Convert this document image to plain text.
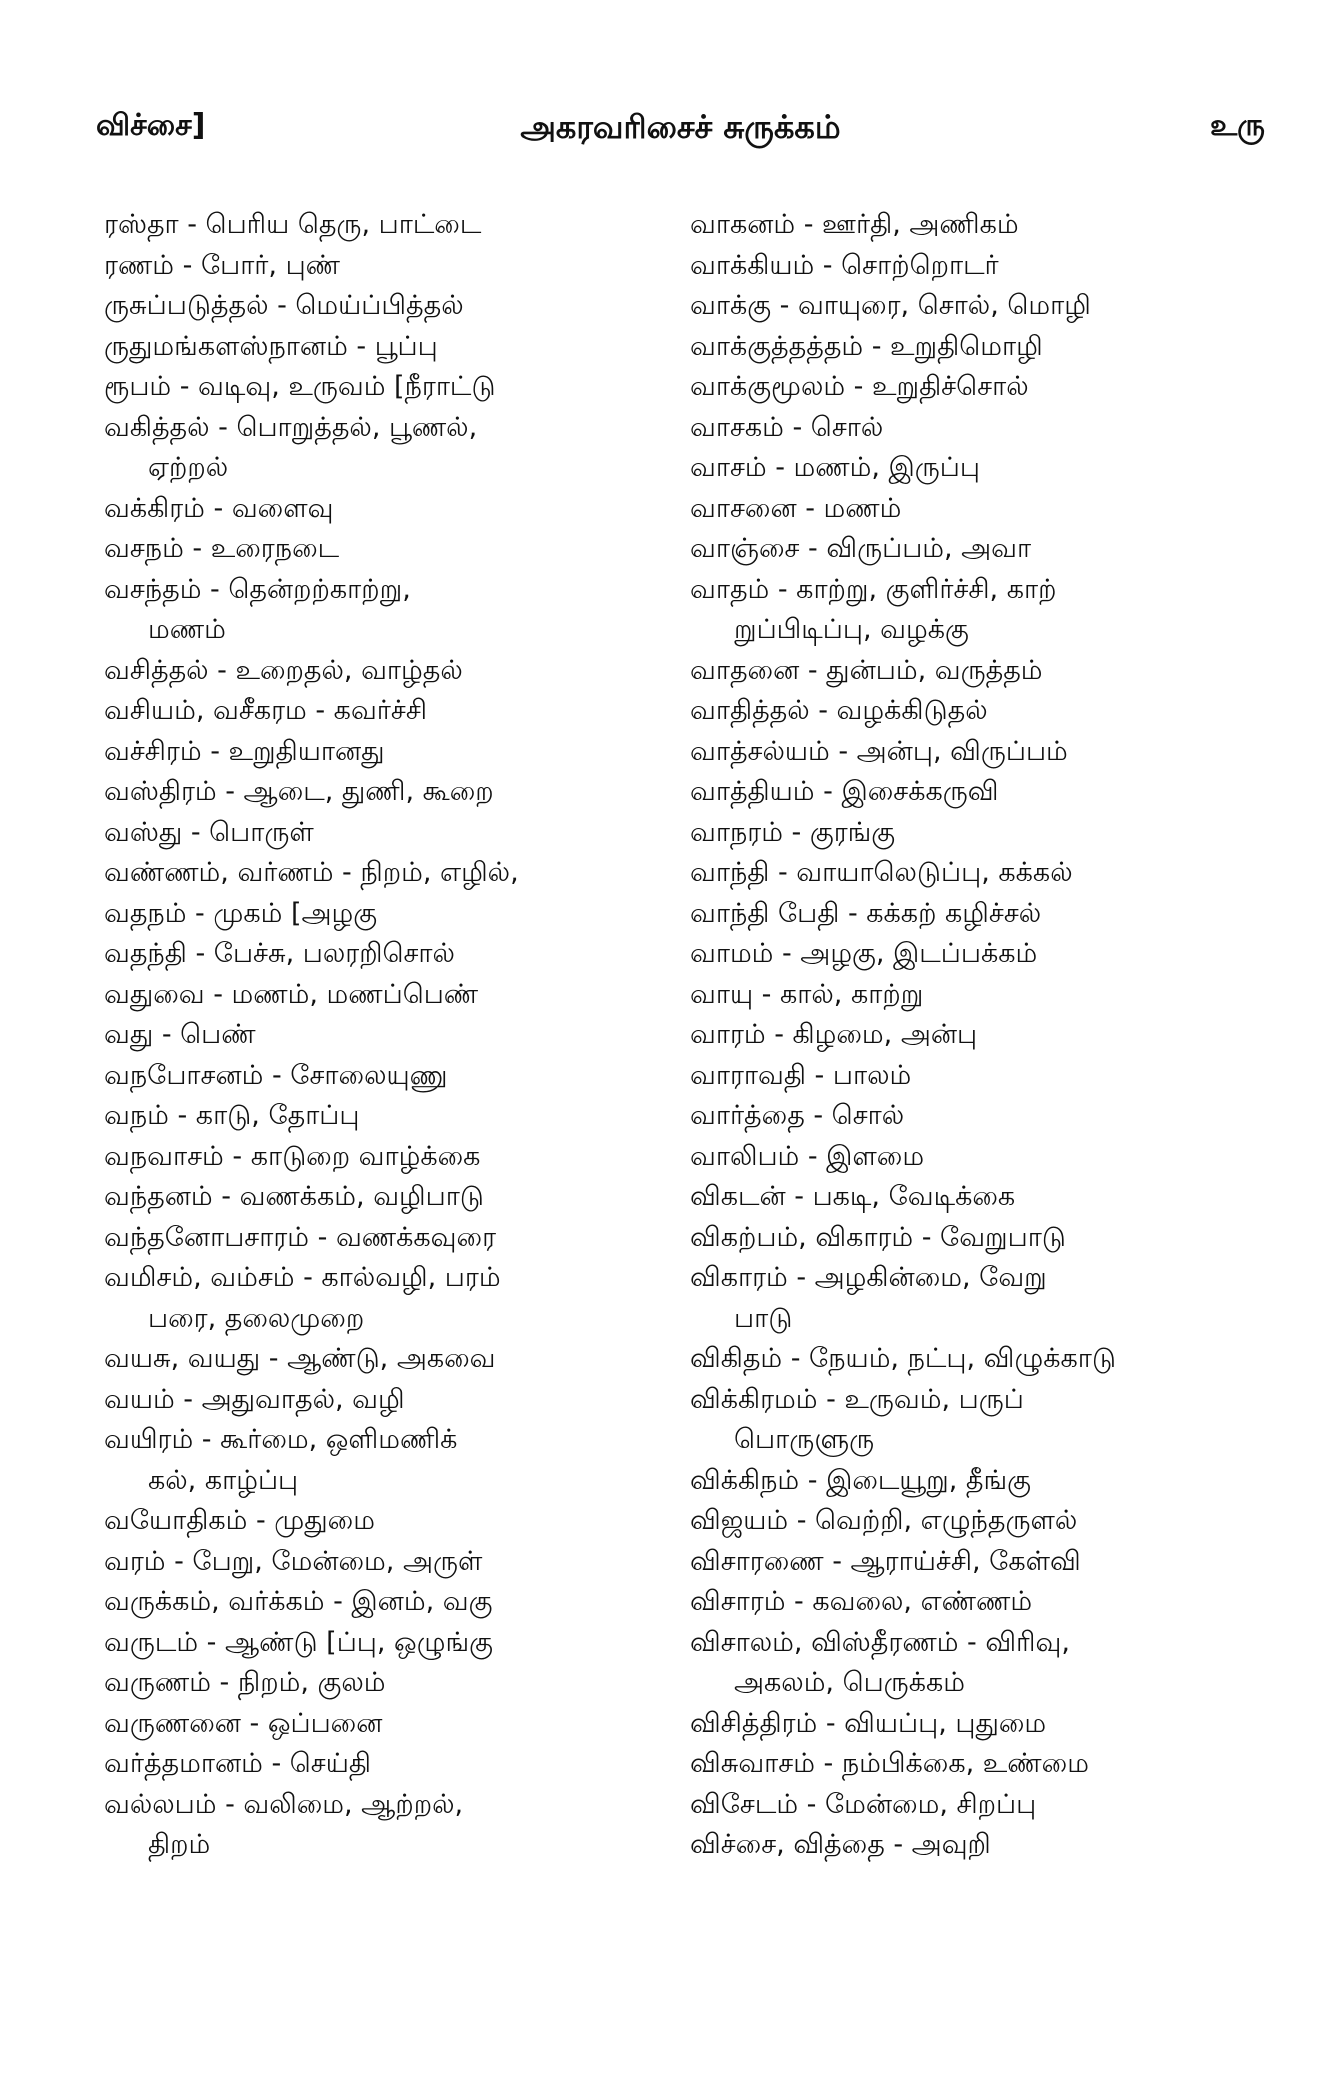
விச்சை]	அகரவரிசைச் சுருக்கம்	உரு
ரஸ்தா - பெரிய தெரு, பாட்டை
ரணம் - போர், புண்
ருசுப்படுத்தல் - மெய்ப்பித்தல்
ருதுமங்களஸ்நானம் - பூப்பு
ரூபம் - வடிவு, உருவம் [நீராட்டு
வகித்தல் - பொறுத்தல், பூணல்,
ஏற்றல்
வக்கிரம் - வளைவு
வசநம் - உரைநடை
வசந்தம் - தென்றற்காற்று,
மணம்
வசித்தல் - உறைதல், வாழ்தல்
வசியம், வசீகரம - கவர்ச்சி
வச்சிரம் - உறுதியானது
வஸ்திரம் - ஆடை, துணி, கூறை
வஸ்து - பொருள்
வண்ணம், வர்ணம் - நிறம், எழில்,
வதநம் - முகம் [அழகு
வதந்தி - பேச்சு, பலரறிசொல்
வதுவை - மணம், மணப்பெண்
வது - பெண்
வநபோசனம் - சோலையுணு
வநம் - காடு, தோப்பு
வநவாசம் - காடுறை வாழ்க்கை
வந்தனம் - வணக்கம், வழிபாடு
வந்தனோபசாரம் - வணக்கவுரை
வமிசம், வம்சம் - கால்வழி, பரம்
பரை, தலைமுறை
வயசு, வயது - ஆண்டு, அகவை
வயம் - அதுவாதல், வழி
வயிரம் - கூர்மை, ஒளிமணிக்
கல், காழ்ப்பு
வயோதிகம் - முதுமை
வரம் - பேறு, மேன்மை, அருள்
வருக்கம், வர்க்கம் - இனம், வகு
வருடம் - ஆண்டு [ப்பு, ஒழுங்கு
வருணம் - நிறம், குலம்
வருணனை - ஒப்பனை
வர்த்தமானம் - செய்தி
வல்லபம் - வலிமை, ஆற்றல்,
திறம்
வாகனம் - ஊர்தி, அணிகம்
வாக்கியம் - சொற்றொடர்
வாக்கு - வாயுரை, சொல், மொழி
வாக்குத்தத்தம் - உறுதிமொழி
வாக்குமூலம் - உறுதிச்சொல்
வாசகம் - சொல்
வாசம் - மணம், இருப்பு
வாசனை - மணம்
வாஞ்சை - விருப்பம், அவா
வாதம் - காற்று, குளிர்ச்சி, காற்
றுப்பிடிப்பு, வழக்கு
வாதனை - துன்பம், வருத்தம்
வாதித்தல் - வழக்கிடுதல்
வாத்சல்யம் - அன்பு, விருப்பம்
வாத்தியம் - இசைக்கருவி
வாநரம் - குரங்கு
வாந்தி - வாயாலெடுப்பு, கக்கல்
வாந்தி பேதி - கக்கற் கழிச்சல்
வாமம் - அழகு, இடப்பக்கம்
வாயு - கால், காற்று
வாரம் - கிழமை, அன்பு
வாராவதி - பாலம்
வார்த்தை - சொல்
வாலிபம் - இளமை
விகடன் - பகடி, வேடிக்கை
விகற்பம், விகாரம் - வேறுபாடு
விகாரம் - அழகின்மை, வேறு
பாடு
விகிதம் - நேயம், நட்பு, விழுக்காடு
விக்கிரமம் - உருவம், பருப்
பொருளுரு
விக்கிநம் - இடையூறு, தீங்கு
விஜயம் - வெற்றி, எழுந்தருளல்
விசாரணை - ஆராய்ச்சி, கேள்வி
விசாரம் - கவலை, எண்ணம்
விசாலம், விஸ்தீரணம் - விரிவு,
அகலம், பெருக்கம்
விசித்திரம் - வியப்பு, புதுமை
விசுவாசம் - நம்பிக்கை, உண்மை
விசேடம் - மேன்மை, சிறப்பு
விச்சை, வித்தை - அவுறி
